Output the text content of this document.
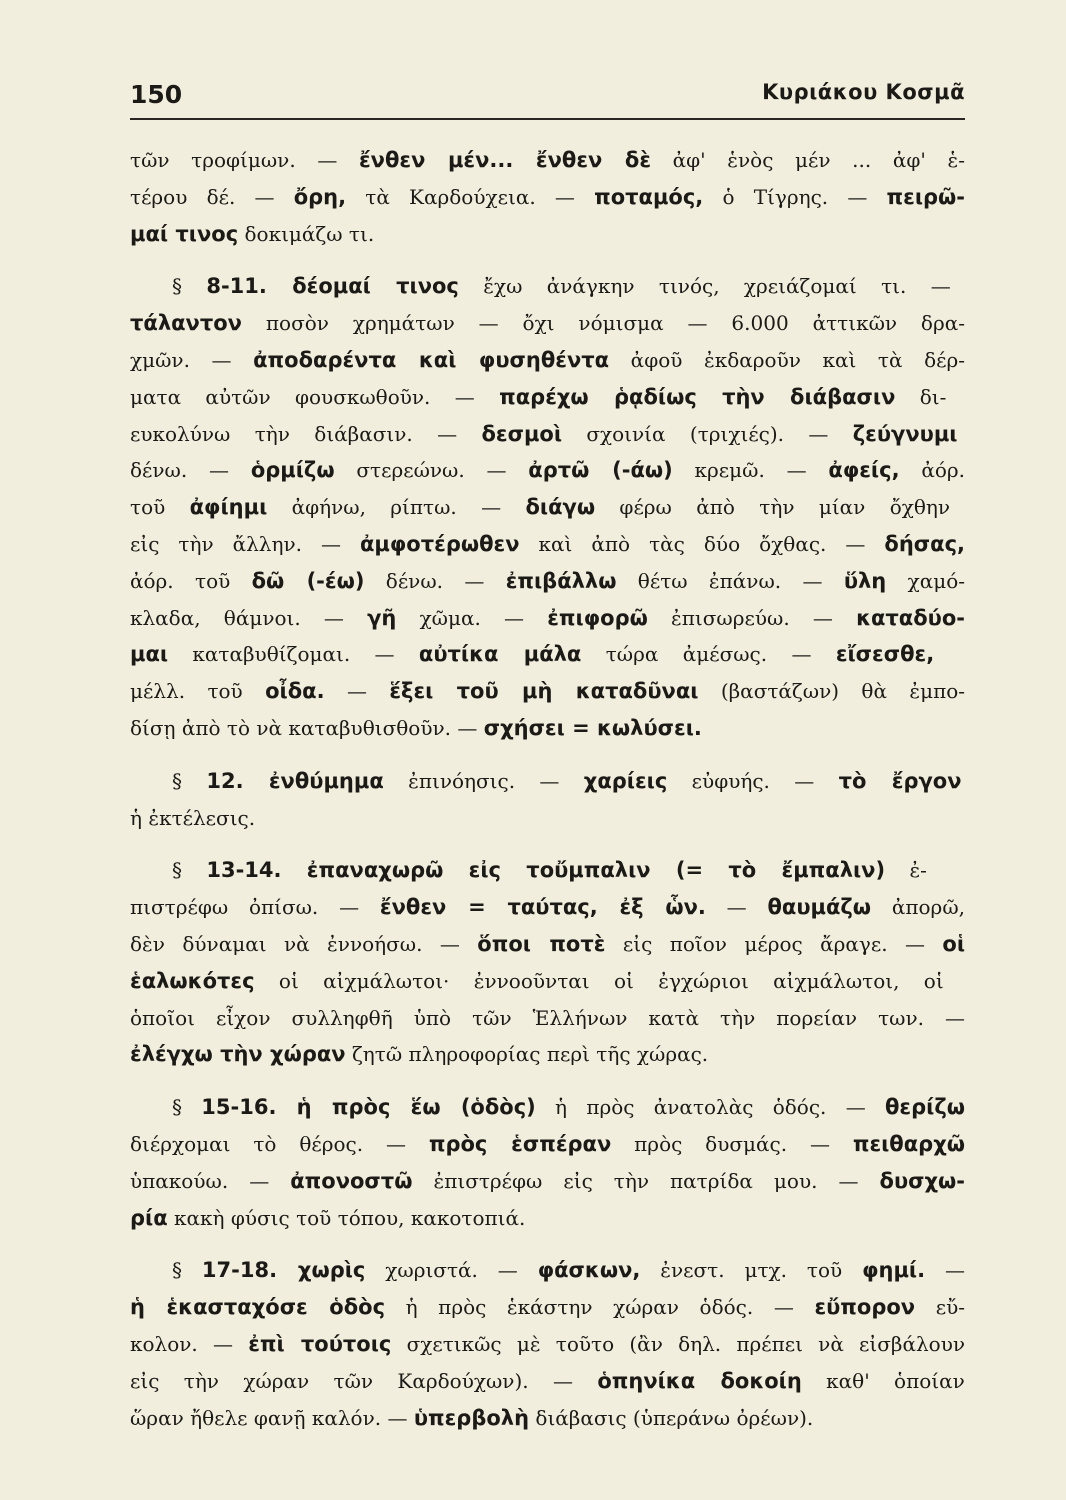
150	Κυριάκου Κοσμᾶ
τῶν τροφίμων. — ἔνθεν μέν... ἔνθεν δὲ ἀφ' ἑνὸς μέν ... ἀφ' ἑ-
τέρου δέ. — ὄρη, τὰ Καρδούχεια. — ποταμός, ὁ Τίγρης. — πειρῶ-
μαί τινος δοκιμάζω τι.
§ 8-11. δέομαί τινος ἔχω ἀνάγκην τινός, χρειάζομαί τι. —
τάλαντον ποσὸν χρημάτων — ὄχι νόμισμα — 6.000 ἀττικῶν δρα-
χμῶν. — ἀποδαρέντα καὶ φυσηθέντα ἀφοῦ ἐκδαροῦν καὶ τὰ δέρ-
ματα αὐτῶν φουσκωθοῦν. — παρέχω ῥᾳδίως τὴν διάβασιν δι-
ευκολύνω τὴν διάβασιν. — δεσμοὶ σχοινία (τριχιές). — ζεύγνυμι
δένω. — ὁρμίζω στερεώνω. — ἀρτῶ (-άω) κρεμῶ. — ἀφείς, ἀόρ.
τοῦ ἀφίημι ἀφήνω, ρίπτω. — διάγω φέρω ἀπὸ τὴν μίαν ὄχθην
εἰς τὴν ἄλλην. — ἀμφοτέρωθεν καὶ ἀπὸ τὰς δύο ὄχθας. — δήσας,
ἀόρ. τοῦ δῶ (-έω) δένω. — ἐπιβάλλω θέτω ἐπάνω. — ὕλη χαμό-
κλαδα, θάμνοι. — γῆ χῶμα. — ἐπιφορῶ ἐπισωρεύω. — καταδύο-
μαι καταβυθίζομαι. — αὐτίκα μάλα τώρα ἀμέσως. — εἴσεσθε,
μέλλ. τοῦ οἶδα. — ἕξει τοῦ μὴ καταδῦναι (βαστάζων) θὰ ἐμπο-
δίσῃ ἀπὸ τὸ νὰ καταβυθισθοῦν. — σχήσει = κωλύσει.
§ 12. ἐνθύμημα ἐπινόησις. — χαρίεις εὐφυής. — τὸ ἔργον
ἡ ἐκτέλεσις.
§ 13-14. ἐπαναχωρῶ εἰς τοὔμπαλιν (= τὸ ἔμπαλιν) ἐ-
πιστρέφω ὀπίσω. — ἔνθεν = ταύτας, ἐξ ὧν. — θαυμάζω ἀπορῶ,
δὲν δύναμαι νὰ ἐννοήσω. — ὅποι ποτὲ εἰς ποῖον μέρος ἄραγε. — οἱ
ἑαλωκότες οἱ αἰχμάλωτοι· ἐννοοῦνται οἱ ἐγχώριοι αἰχμάλωτοι, οἱ
ὁποῖοι εἶχον συλληφθῆ ὑπὸ τῶν Ἑλλήνων κατὰ τὴν πορείαν των. —
ἐλέγχω τὴν χώραν ζητῶ πληροφορίας περὶ τῆς χώρας.
§ 15-16. ἡ πρὸς ἕω (ὁδὸς) ἡ πρὸς ἀνατολὰς ὁδός. — θερίζω
διέρχομαι τὸ θέρος. — πρὸς ἑσπέραν πρὸς δυσμάς. — πειθαρχῶ
ὑπακούω. — ἀπονοστῶ ἐπιστρέφω εἰς τὴν πατρίδα μου. — δυσχω-
ρία κακὴ φύσις τοῦ τόπου, κακοτοπιά.
§ 17-18. χωρὶς χωριστά. — φάσκων, ἐνεστ. μτχ. τοῦ φημί. —
ἡ ἑκασταχόσε ὁδὸς ἡ πρὸς ἑκάστην χώραν ὁδός. — εὔπορον εὔ-
κολον. — ἐπὶ τούτοις σχετικῶς μὲ τοῦτο (ἂν δηλ. πρέπει νὰ εἰσβάλουν
εἰς τὴν χώραν τῶν Καρδούχων). — ὁπηνίκα δοκοίη καθ' ὁποίαν
ὥραν ἤθελε φανῇ καλόν. — ὑπερβολὴ διάβασις (ὑπεράνω ὀρέων).
